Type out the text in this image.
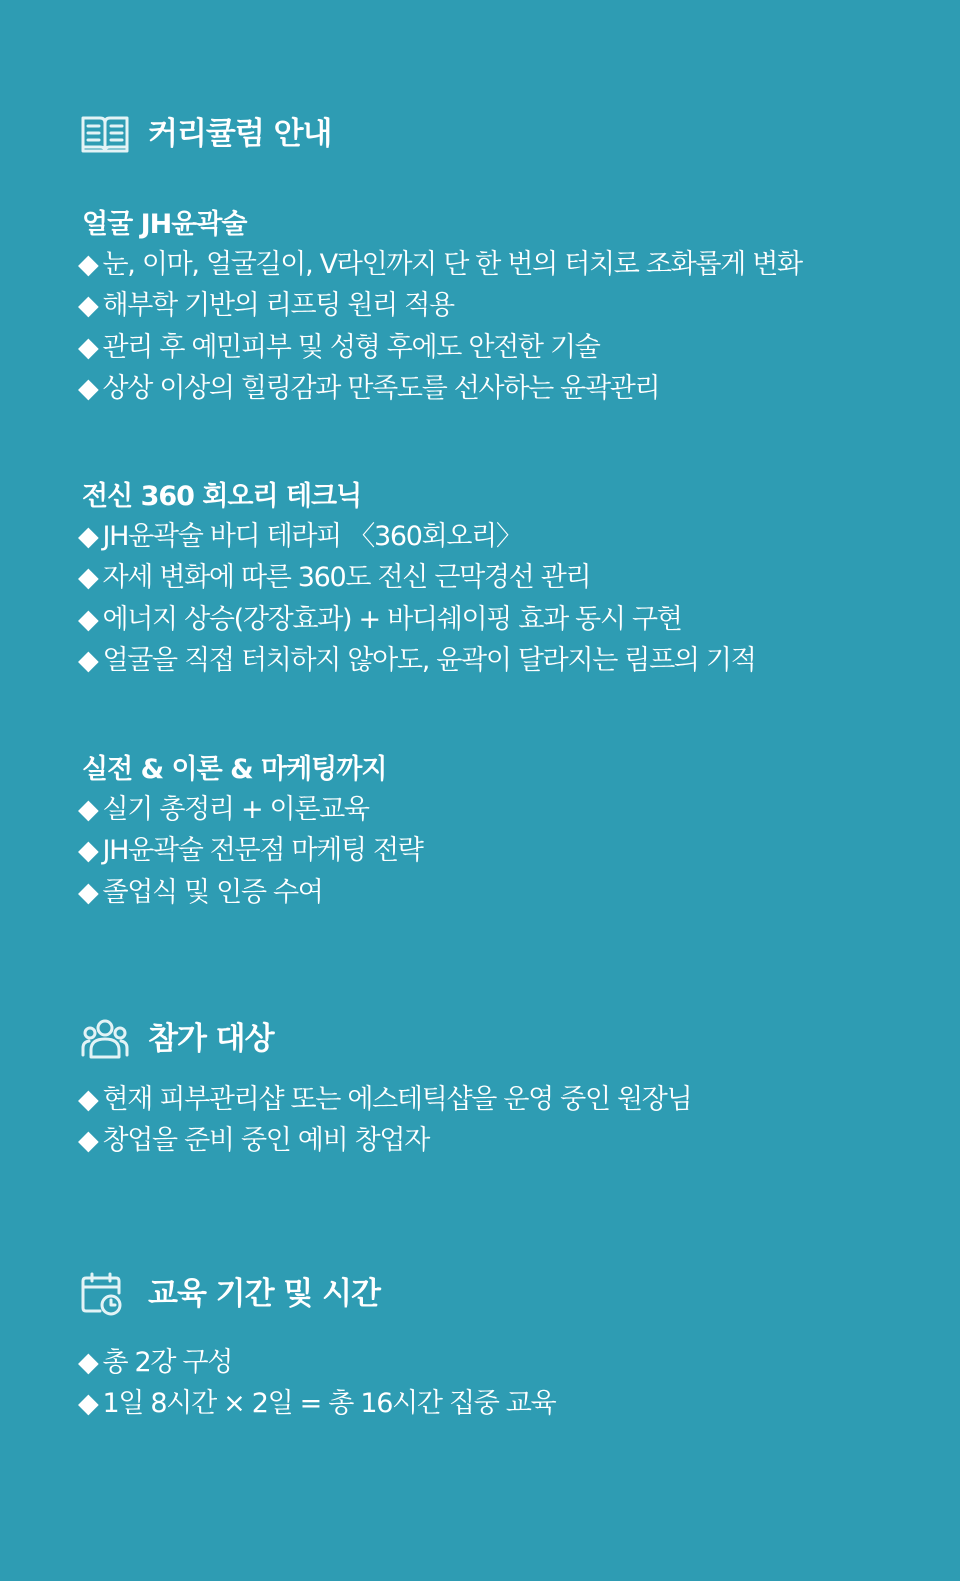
커리큘럼 안내
얼굴 JH윤곽술
◆ 눈, 이마, 얼굴길이, V라인까지 단 한 번의 터치로 조화롭게 변화
◆ 해부학 기반의 리프팅 원리 적용
◆ 관리 후 예민피부 및 성형 후에도 안전한 기술
◆ 상상 이상의 힐링감과 만족도를 선사하는 윤곽관리
전신 360 회오리 테크닉
◆ JH윤곽술 바디 테라피 〈360회오리〉
◆ 자세 변화에 따른 360도 전신 근막경선 관리
◆ 에너지 상승(강장효과) + 바디쉐이핑 효과 동시 구현
◆ 얼굴을 직접 터치하지 않아도, 윤곽이 달라지는 림프의 기적
실전 & 이론 & 마케팅까지
◆ 실기 총정리 + 이론교육
◆ JH윤곽술 전문점 마케팅 전략
◆ 졸업식 및 인증 수여
참가 대상
◆ 현재 피부관리샵 또는 에스테틱샵을 운영 중인 원장님
◆ 창업을 준비 중인 예비 창업자
교육 기간 및 시간
◆ 총 2강 구성
◆ 1일 8시간 × 2일 = 총 16시간 집중 교육
